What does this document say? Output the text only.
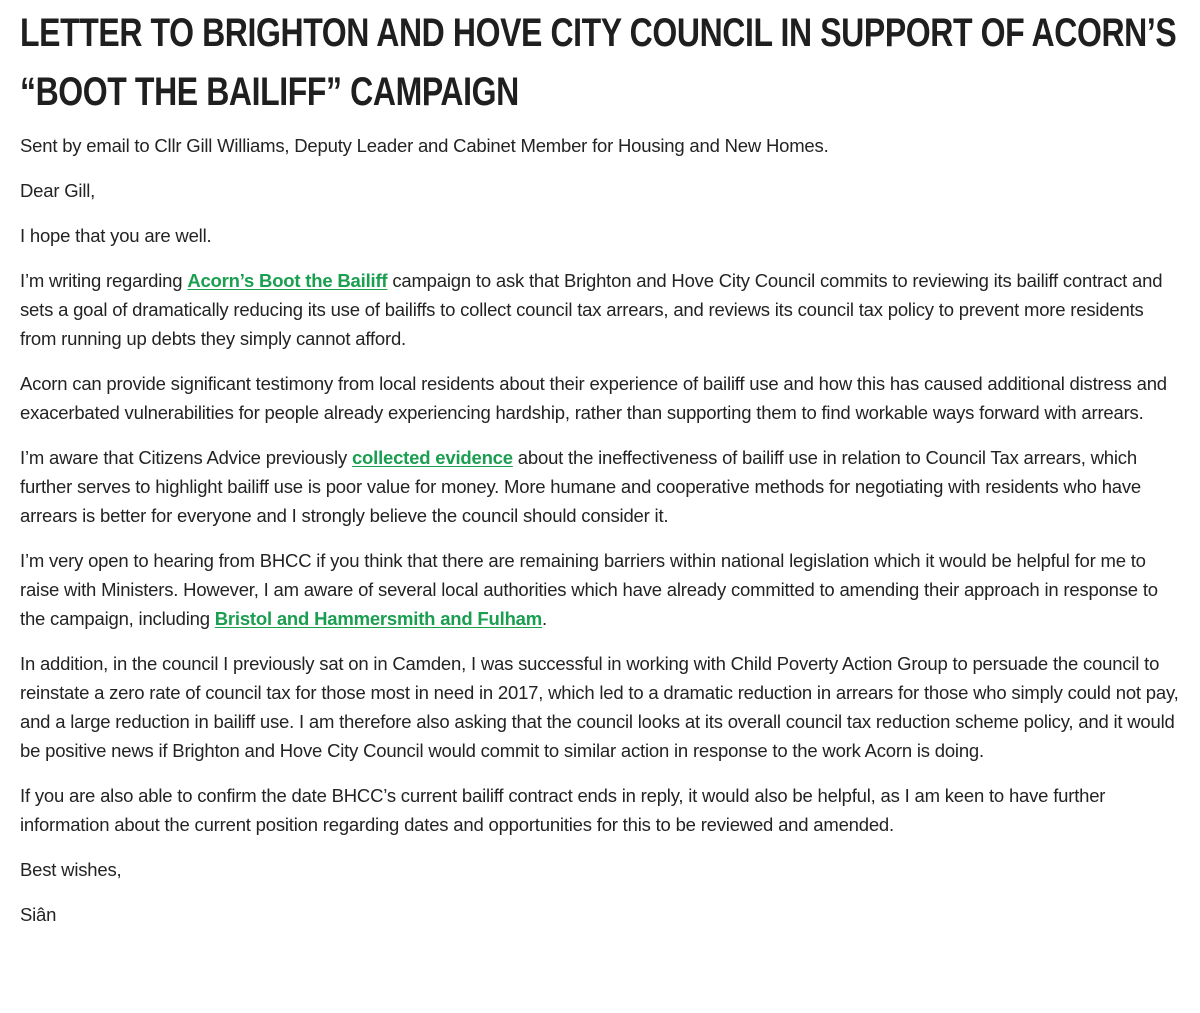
LETTER TO BRIGHTON AND HOVE CITY COUNCIL IN SUPPORT OF ACORN’S “BOOT THE BAILIFF” CAMPAIGN

Sent by email to Cllr Gill Williams, Deputy Leader and Cabinet Member for Housing and New Homes.

Dear Gill,

I hope that you are well.

I’m writing regarding Acorn’s Boot the Bailiff campaign to ask that Brighton and Hove City Council commits to reviewing its bailiff contract and sets a goal of dramatically reducing its use of bailiffs to collect council tax arrears, and reviews its council tax policy to prevent more residents from running up debts they simply cannot afford.

Acorn can provide significant testimony from local residents about their experience of bailiff use and how this has caused additional distress and exacerbated vulnerabilities for people already experiencing hardship, rather than supporting them to find workable ways forward with arrears.

I’m aware that Citizens Advice previously collected evidence about the ineffectiveness of bailiff use in relation to Council Tax arrears, which further serves to highlight bailiff use is poor value for money. More humane and cooperative methods for negotiating with residents who have arrears is better for everyone and I strongly believe the council should consider it.

I’m very open to hearing from BHCC if you think that there are remaining barriers within national legislation which it would be helpful for me to raise with Ministers. However, I am aware of several local authorities which have already committed to amending their approach in response to the campaign, including Bristol and Hammersmith and Fulham.

In addition, in the council I previously sat on in Camden, I was successful in working with Child Poverty Action Group to persuade the council to reinstate a zero rate of council tax for those most in need in 2017, which led to a dramatic reduction in arrears for those who simply could not pay, and a large reduction in bailiff use. I am therefore also asking that the council looks at its overall council tax reduction scheme policy, and it would be positive news if Brighton and Hove City Council would commit to similar action in response to the work Acorn is doing.

If you are also able to confirm the date BHCC’s current bailiff contract ends in reply, it would also be helpful, as I am keen to have further information about the current position regarding dates and opportunities for this to be reviewed and amended.

Best wishes,

Siân
